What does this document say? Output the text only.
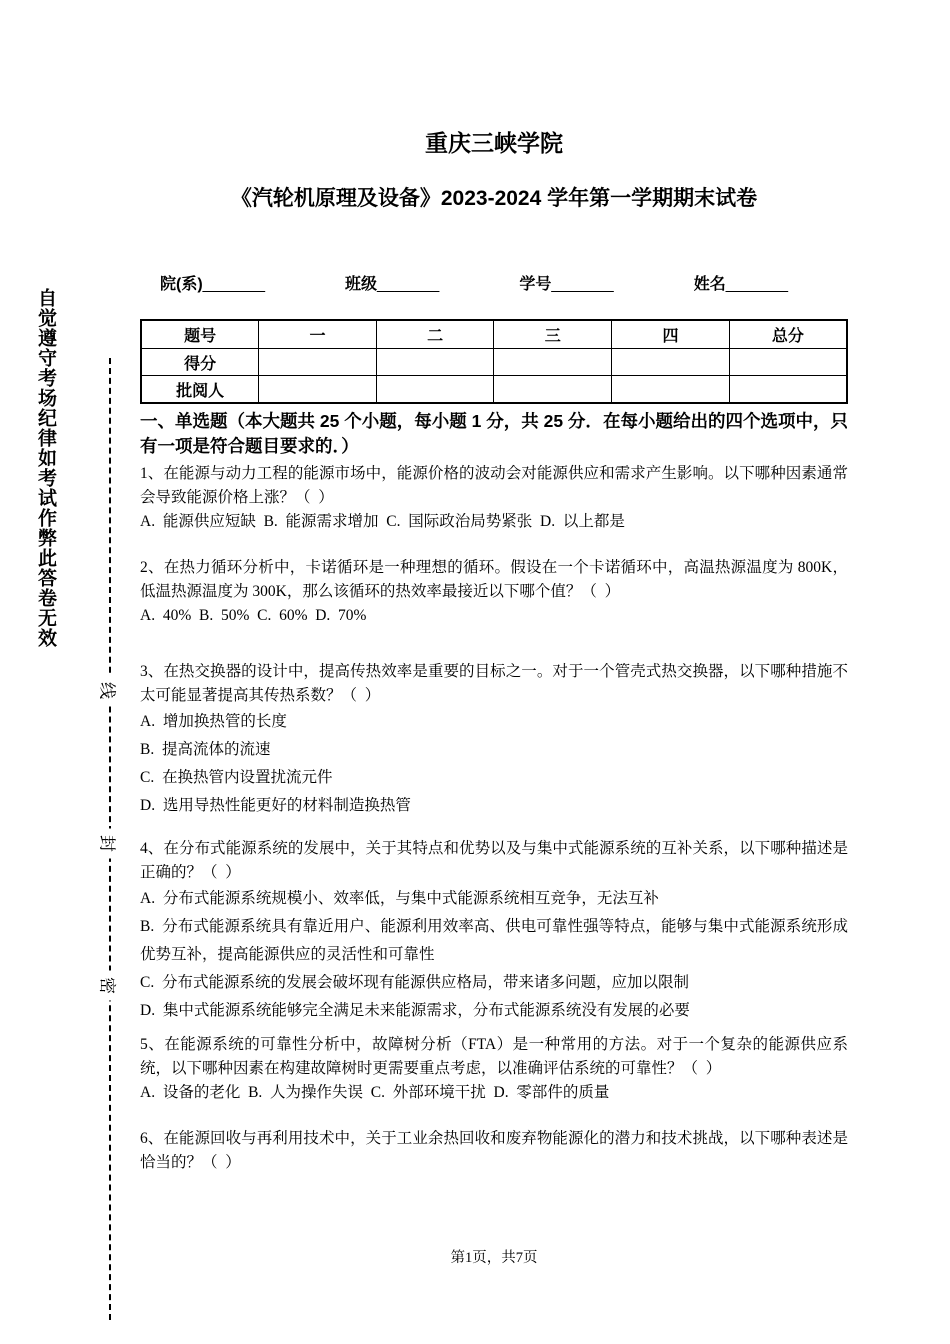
自觉遵守考场纪律如考试作弊此答卷无效
线
封
密
重庆三峡学院
《汽轮机原理及设备》2023-2024 学年第一学期期末试卷
院(系)_______	班级_______	学号_______	姓名_______
题号	一	二	三	四	总分
得分					
批阅人					
一、单选题（本大题共 25 个小题，每小题 1 分，共 25 分．在每小题给出的四个选项中，只有一项是符合题目要求的．）

1、在能源与动力工程的能源市场中，能源价格的波动会对能源供应和需求产生影响。以下哪种因素通常会导致能源价格上涨？（  ）

A.  能源供应短缺  B.  能源需求增加  C.  国际政治局势紧张  D.  以上都是

2、在热力循环分析中，卡诺循环是一种理想的循环。假设在一个卡诺循环中，高温热源温度为 800K，低温热源温度为 300K，那么该循环的热效率最接近以下哪个值？（  ）

A.  40%  B.  50%  C.  60%  D.  70%

3、在热交换器的设计中，提高传热效率是重要的目标之一。对于一个管壳式热交换器，以下哪种措施不太可能显著提高其传热系数？（  ）

A.  增加换热管的长度

B.  提高流体的流速

C.  在换热管内设置扰流元件

D.  选用导热性能更好的材料制造换热管

4、在分布式能源系统的发展中，关于其特点和优势以及与集中式能源系统的互补关系，以下哪种描述是正确的？（  ）

A.  分布式能源系统规模小、效率低，与集中式能源系统相互竞争，无法互补

B.  分布式能源系统具有靠近用户、能源利用效率高、供电可靠性强等特点，能够与集中式能源系统形成优势互补，提高能源供应的灵活性和可靠性

C.  分布式能源系统的发展会破坏现有能源供应格局，带来诸多问题，应加以限制

D.  集中式能源系统能够完全满足未来能源需求，分布式能源系统没有发展的必要

5、在能源系统的可靠性分析中，故障树分析（FTA）是一种常用的方法。对于一个复杂的能源供应系统，以下哪种因素在构建故障树时更需要重点考虑，以准确评估系统的可靠性？（  ）

A.  设备的老化  B.  人为操作失误  C.  外部环境干扰  D.  零部件的质量

6、在能源回收与再利用技术中，关于工业余热回收和废弃物能源化的潜力和技术挑战，以下哪种表述是恰当的？（  ）

第1页，共7页
